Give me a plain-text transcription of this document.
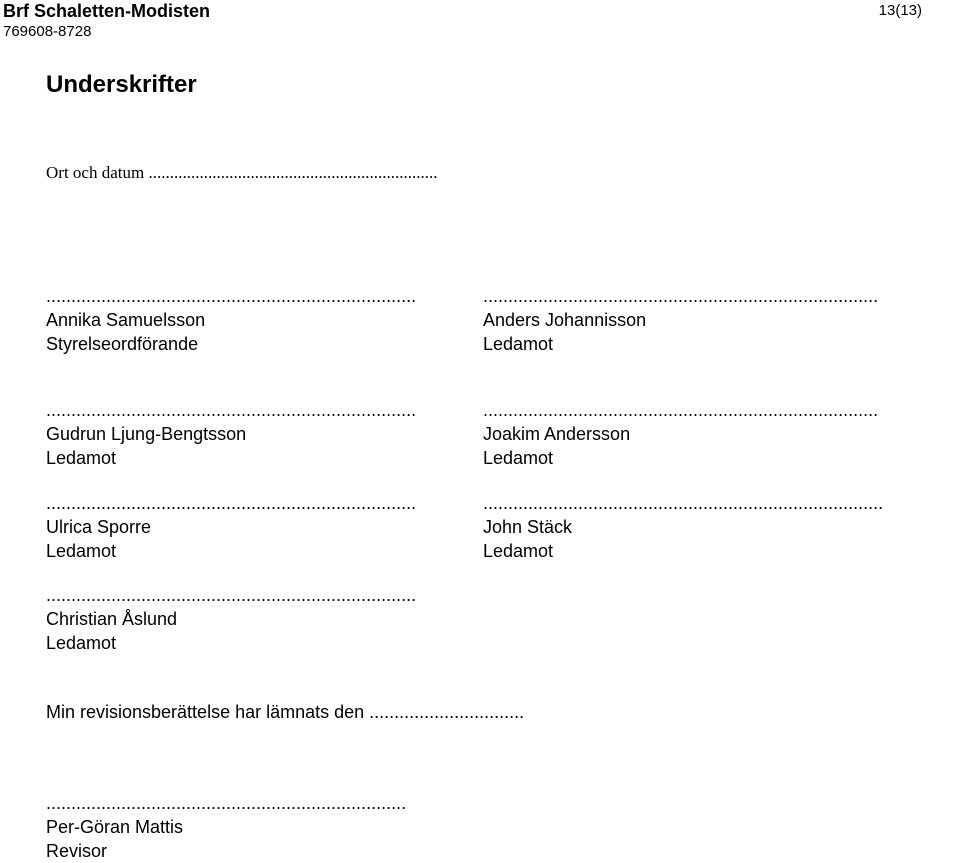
Brf Schaletten-Modisten
769608-8728
13(13)
Underskrifter
Ort och datum ....................................................................
..........................................................................
Annika Samuelsson
Styrelseordförande
...............................................................................
Anders Johannisson
Ledamot
..........................................................................
Gudrun Ljung-Bengtsson
Ledamot
...............................................................................
Joakim Andersson
Ledamot
..........................................................................
Ulrica Sporre
Ledamot
................................................................................
John Stäck
Ledamot
..........................................................................
Christian Åslund
Ledamot
Min revisionsberättelse har lämnats den ...............................
........................................................................
Per-Göran Mattis
Revisor
